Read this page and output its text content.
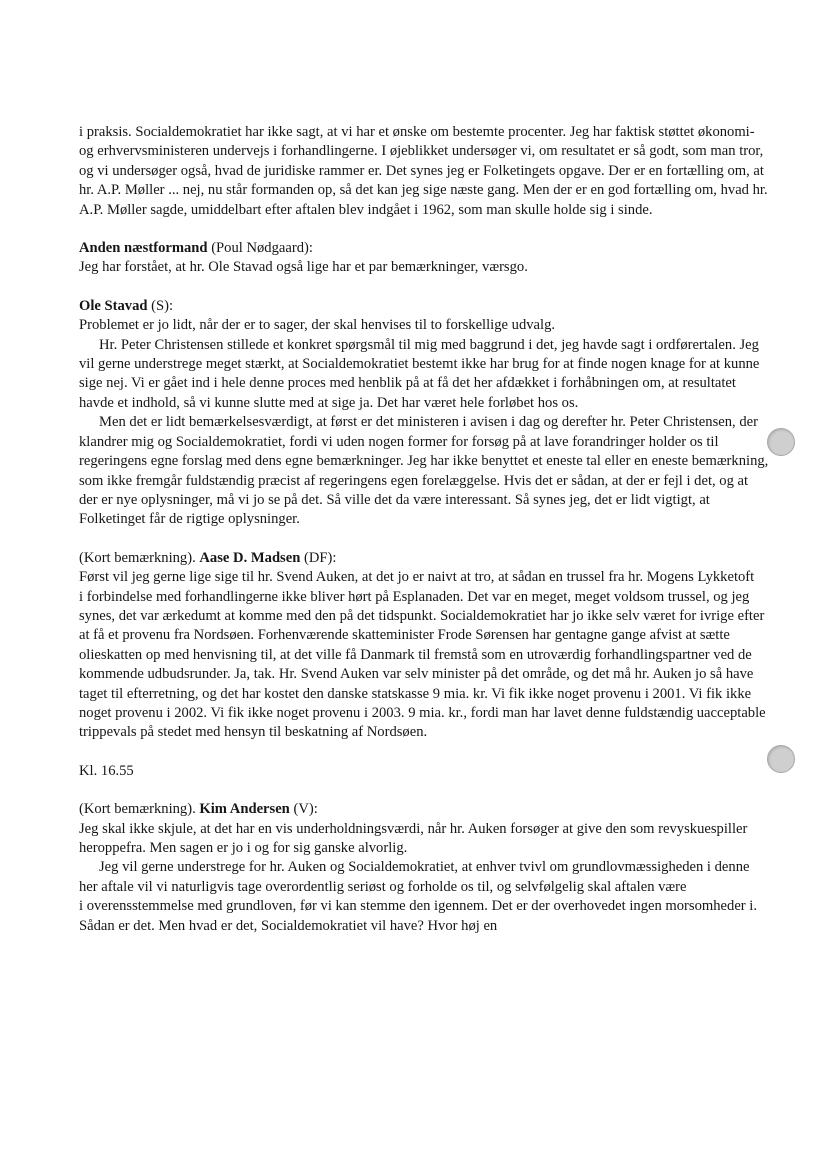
i praksis. Socialdemokratiet har ikke sagt, at vi har et ønske om bestemte procenter. Jeg har faktisk støttet økonomi- og erhvervsministeren undervejs i forhandlingerne. I øjeblikket undersøger vi, om resultatet er så godt, som man tror, og vi undersøger også, hvad de juridiske rammer er. Det synes jeg er Folketingets opgave. Der er en fortælling om, at hr. A.P. Møller ... nej, nu står formanden op, så det kan jeg sige næste gang. Men der er en god fortælling om, hvad hr. A.P. Møller sagde, umiddelbart efter aftalen blev indgået i 1962, som man skulle holde sig i sinde.

Anden næstformand (Poul Nødgaard):

Jeg har forstået, at hr. Ole Stavad også lige har et par bemærkninger, værsgo.

Ole Stavad (S):

Problemet er jo lidt, når der er to sager, der skal henvises til to forskellige udvalg.

Hr. Peter Christensen stillede et konkret spørgsmål til mig med baggrund i det, jeg havde sagt i ordførertalen. Jeg vil gerne understrege meget stærkt, at Socialdemokratiet bestemt ikke har brug for at finde nogen knage for at kunne sige nej. Vi er gået ind i hele denne proces med henblik på at få det her afdækket i forhåbningen om, at resultatet havde et indhold, så vi kunne slutte med at sige ja. Det har været hele forløbet hos os.

Men det er lidt bemærkelsesværdigt, at først er det ministeren i avisen i dag og derefter hr. Peter Christensen, der klandrer mig og Socialdemokratiet, fordi vi uden nogen former for forsøg på at lave forandringer holder os til regeringens egne forslag med dens egne bemærkninger. Jeg har ikke benyttet et eneste tal eller en eneste bemærkning, som ikke fremgår fuldstændig præcist af regeringens egen forelæggelse. Hvis det er sådan, at der er fejl i det, og at der er nye oplysninger, må vi jo se på det. Så ville det da være interessant. Så synes jeg, det er lidt vigtigt, at Folketinget får de rigtige oplysninger.

(Kort bemærkning). Aase D. Madsen (DF):

Først vil jeg gerne lige sige til hr. Svend Auken, at det jo er naivt at tro, at sådan en trussel fra hr. Mogens Lykketoft

i forbindelse med forhandlingerne ikke bliver hørt på Esplanaden. Det var en meget, meget voldsom trussel, og jeg synes, det var ærkedumt at komme med den på det tidspunkt. Socialdemokratiet har jo ikke selv været for ivrige efter at få et provenu fra Nordsøen. Forhenværende skatteminister Frode Sørensen har gentagne gange afvist at sætte olieskatten op med henvisning til, at det ville få Danmark til fremstå som en utroværdig forhandlingspartner ved de kommende udbudsrunder. Ja, tak. Hr. Svend Auken var selv minister på det område, og det må hr. Auken jo så have taget til efterretning, og det har kostet den danske statskasse 9 mia. kr. Vi fik ikke noget provenu i 2001. Vi fik ikke noget provenu i 2002. Vi fik ikke noget provenu i 2003. 9 mia. kr., fordi man har lavet denne fuldstændig uacceptable trippevals på stedet med hensyn til beskatning af Nordsøen.

Kl. 16.55

(Kort bemærkning). Kim Andersen (V):

Jeg skal ikke skjule, at det har en vis underholdningsværdi, når hr. Auken forsøger at give den som revyskuespiller heroppefra. Men sagen er jo i og for sig ganske alvorlig.

Jeg vil gerne understrege for hr. Auken og Socialdemokratiet, at enhver tvivl om grundlovmæssigheden i denne her aftale vil vi naturligvis tage overordentlig seriøst og forholde os til, og selvfølgelig skal aftalen være

i overensstemmelse med grundloven, før vi kan stemme den igennem. Det er der overhovedet ingen morsomheder i. Sådan er det. Men hvad er det, Socialdemokratiet vil have? Hvor høj en
